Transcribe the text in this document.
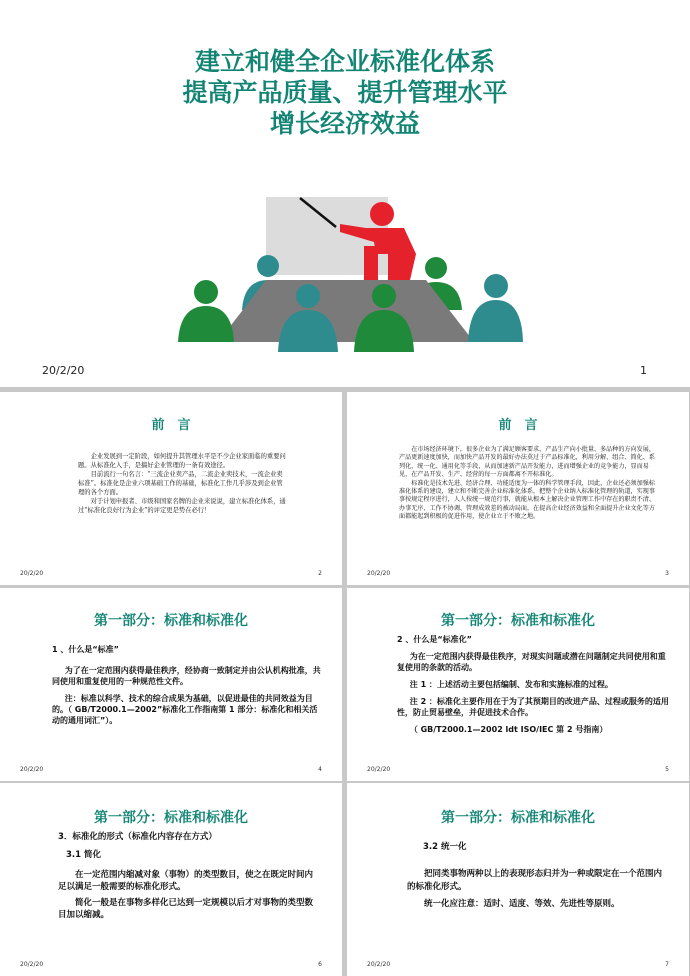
建立和健全企业标准化体系
提高产品质量、提升管理水平
增长经济效益
20/2/20	1
前　言

企业发展到一定阶段，如何提升其管理水平是不少企业家面临的重要问题。从标准化入手，是搞好企业管理的一条有效途径。

目前流行一句名言：“三流企业卖产品，二流企业卖技术，一流企业卖标准”。标准化是企业六项基础工作的基础，标准化工作几乎涉及到企业管理的各个方面。

对于计划申报者、市级和国家名牌的企业来说说，建立标准化体系，通过“标准化良好行为企业”的评定更是势在必行！

20/2/20	2
前　言

在市场经济环境下，很多企业为了满足顾客要求，产品生产向小批量、多品种的方向发展，产品更新速度加快，而加快产品开发的最好办法莫过于产品标准化，利用分解、组合、简化、系列化、统一化、通用化等手段，从而加速新产品开发能力，进而增强企业的竞争能力，显而易见，在产品开发、生产、经营的每一方面都离不开标准化。

标准化是技术先进、经济合理、功能适度为一体的科学管理手段，因此，企业还必须加强标准化体系的建设，建立和不断完善企业标准化体系，把整个企业纳入标准化管理的轨道，实现事事按规定程序进行，人人按统一规范行事，就能从根本上解决企业管理工作中存在的职责不清、办事无序、工作不协调、管理成效差的被动局面，在提高企业经济效益和全面提升企业文化等方面都能起到积极的促进作用，使企业立于不败之地。

20/2/20	3
第一部分：标准和标准化

1 、什么是“标准”

为了在一定范围内获得最佳秩序，经协商一致制定并由公认机构批准，共同使用和重复使用的一种规范性文件。

注：标准以科学、技术的综合成果为基础，以促进最佳的共同效益为目的。（ GB/T2000.1—2002”标准化工作指南第 1 部分：标准化和相关活动的通用词汇”）。

20/2/20	4
第一部分：标准和标准化

2 、什么是“标准化”

为在一定范围内获得最佳秩序，对现实问题或潜在问题制定共同使用和重复使用的条款的活动。

注 1 ：上述活动主要包括编制、发布和实施标准的过程。

注 2 ：标准化主要作用在于为了其预期目的改进产品、过程或服务的适用性，防止贸易壁垒，并促进技术合作。

（ GB/T2000.1—2002 ldt ISO/IEC 第 2 号指南）

20/2/20	5
第一部分：标准和标准化

3．标准化的形式（标准化内容存在方式）

3.1 简化

在一定范围内缩减对象（事物）的类型数目，使之在既定时间内足以满足一般需要的标准化形式。

简化一般是在事物多样化已达到一定规模以后才对事物的类型数目加以缩减。

20/2/20	6
第一部分：标准和标准化

3.2 统一化

把同类事物两种以上的表现形态归并为一种或限定在一个范围内的标准化形式。

统一化应注意：适时、适度、等效、先进性等原则。

20/2/20	7
